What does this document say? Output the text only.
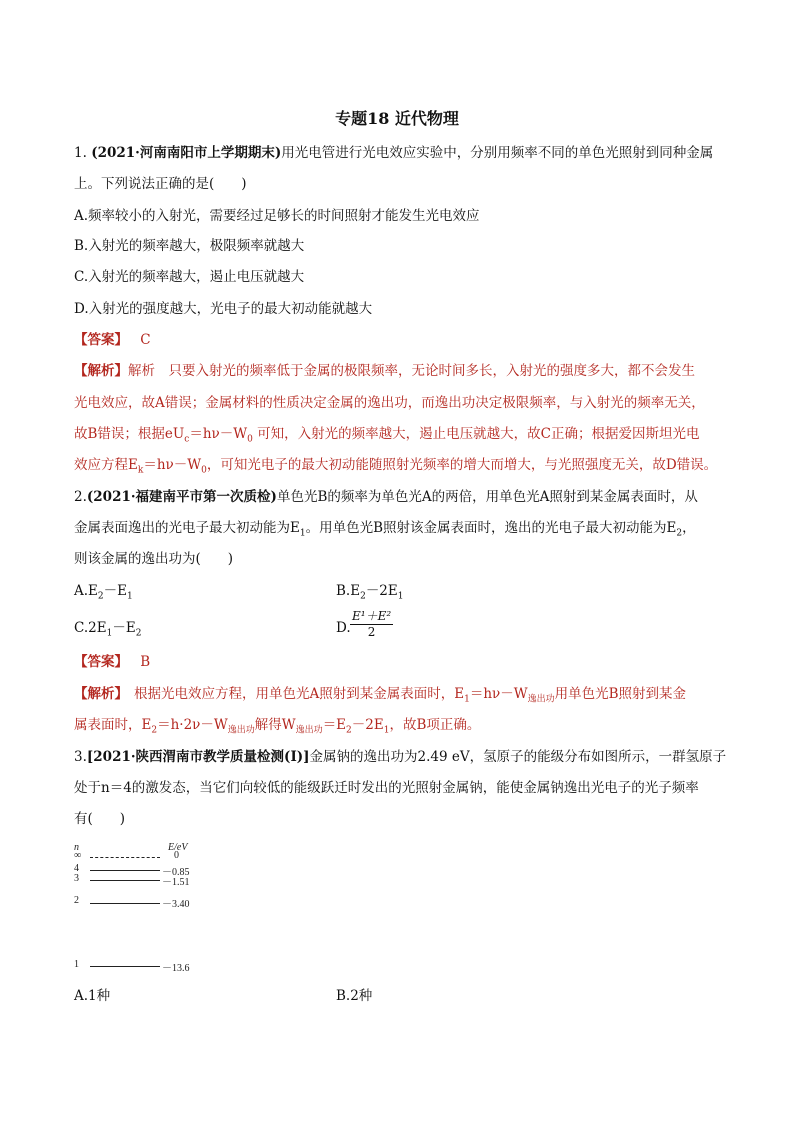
专题18 近代物理
1. (2021·河南南阳市上学期期末)用光电管进行光电效应实验中，分别用频率不同的单色光照射到同种金属
上。下列说法正确的是(　　)
A.频率较小的入射光，需要经过足够长的时间照射才能发生光电效应
B.入射光的频率越大，极限频率就越大
C.入射光的频率越大，遏止电压就越大
D.入射光的强度越大，光电子的最大初动能就越大
【答案】 C
【解析】解析　只要入射光的频率低于金属的极限频率，无论时间多长，入射光的强度多大，都不会发生
光电效应，故A错误；金属材料的性质决定金属的逸出功，而逸出功决定极限频率，与入射光的频率无关，
故B错误；根据$eU_c=h\nu-W_0$ 可知，入射光的频率越大，遏止电压就越大，故C正确；根据爱因斯坦光电
效应方程$E_k=h\nu-W_0$，可知光电子的最大初动能随照射光频率的增大而增大，与光照强度无关，故D错误。
2.(2021·福建南平市第一次质检)单色光B的频率为单色光A的两倍，用单色光A照射到某金属表面时，从
金属表面逸出的光电子最大初动能为$E_1$。用单色光B照射该金属表面时，逸出的光电子最大初动能为$E_2$，
则该金属的逸出功为(　　)
$A.E_2-E_1$	$B.E_2-2E_1$
$C.2E_1-E_2$	D. $\frac{\text{E¹＋E²}}{2}$
【答案】 B
【解析】 根据光电效应方程，用单色光A照射到某金属表面时，$E_1=h\nu-W_{逸出功}$用单色光B照射到某金
属表面时，$E_2=h\cdot 2\nu-W_{逸出功}$解得$W_{逸出功}=E_2-2E_1$，故B项正确。
3.[2021·陕西渭南市教学质量检测(Ⅰ)]金属钠的逸出功为2.49 eV，氢原子的能级分布如图所示，一群氢原子
处于n＝4的激发态，当它们向较低的能级跃迁时发出的光照射金属钠，能使金属钠逸出光电子的光子频率
有(　　)
n	E/eV
∞	0
4	－0.85
3	－1.51
2	－3.40
1	－13.6
A.1种	B.2种
